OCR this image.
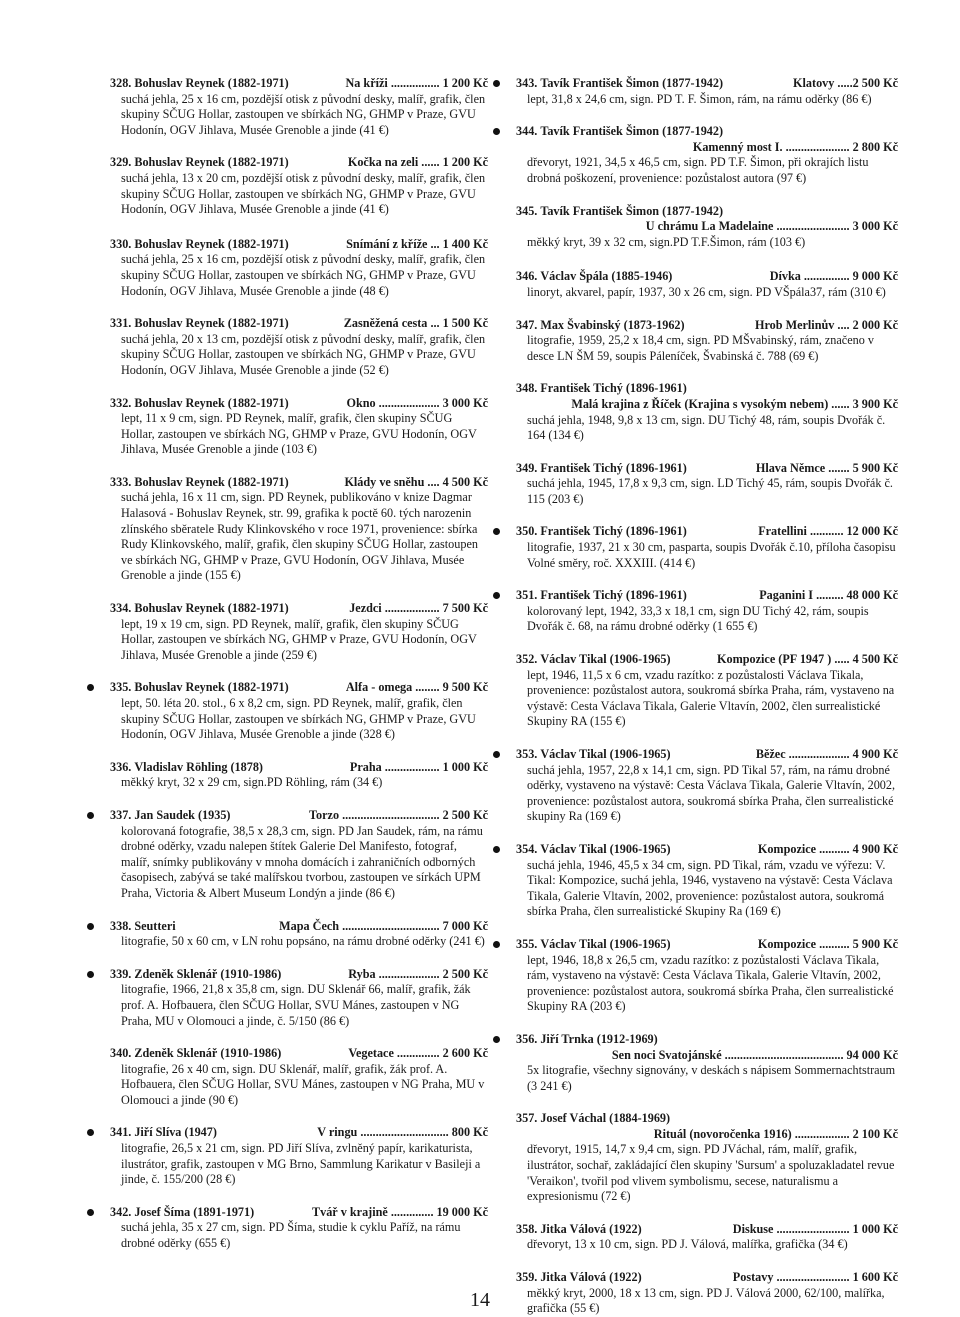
328. Bohuslav Reynek (1882-1971)	Na kříži ................ 1 200 Kč
suchá jehla, 25 x 16 cm, pozdější otisk z původní desky, malíř, grafik, člen skupiny SČUG Hollar, zastoupen ve sbírkách NG, GHMP v Praze, GVU Hodonín, OGV Jihlava, Musée Grenoble a jinde (41 €)
329. Bohuslav Reynek (1882-1971)	Kočka na zeli ...... 1 200 Kč
suchá jehla, 13 x 20 cm, pozdější otisk z původní desky, malíř, grafik, člen skupiny SČUG Hollar, zastoupen ve sbírkách NG, GHMP v Praze, GVU Hodonín, OGV Jihlava, Musée Grenoble a jinde (41 €)
330. Bohuslav Reynek (1882-1971)	Snímání z kříže ... 1 400 Kč
suchá jehla, 25 x 16 cm, pozdější otisk z původní desky, malíř, grafik, člen skupiny SČUG Hollar, zastoupen ve sbírkách NG, GHMP v Praze, GVU Hodonín, OGV Jihlava, Musée Grenoble a jinde (48 €)
331. Bohuslav Reynek (1882-1971)	Zasněžená cesta ... 1 500 Kč
suchá jehla, 20 x 13 cm, pozdější otisk z původní desky, malíř, grafik, člen skupiny SČUG Hollar, zastoupen ve sbírkách NG, GHMP v Praze, GVU Hodonín, OGV Jihlava, Musée Grenoble a jinde (52 €)
332. Bohuslav Reynek (1882-1971)	Okno .................... 3 000 Kč
lept, 11 x 9 cm, sign. PD Reynek, malíř, grafik, člen skupiny SČUG Hollar, zastoupen ve sbírkách NG, GHMP v Praze, GVU Hodonín, OGV Jihlava, Musée Grenoble a jinde (103 €)
333. Bohuslav Reynek (1882-1971)	Klády ve sněhu .... 4 500 Kč
suchá jehla, 16 x 11 cm, sign. PD Reynek, publikováno v knize Dagmar Halasová - Bohuslav Reynek, str. 99, grafika k poctě 60. tých narozenin zlínského sběratele Rudy Klinkovského v roce 1971, provenience: sbírka Rudy Klinkovského, malíř, grafik, člen skupiny SČUG Hollar, zastoupen ve sbírkách NG, GHMP v Praze, GVU Hodonín, OGV Jihlava, Musée Grenoble a jinde (155 €)
334. Bohuslav Reynek (1882-1971)	Jezdci .................. 7 500 Kč
lept, 19 x 19 cm, sign. PD Reynek, malíř, grafik, člen skupiny SČUG Hollar, zastoupen ve sbírkách NG, GHMP v Praze, GVU Hodonín, OGV Jihlava, Musée Grenoble a jinde (259 €)
335. Bohuslav Reynek (1882-1971)	Alfa - omega ........ 9 500 Kč
lept, 50. léta 20. stol., 6 x 8,2 cm, sign. PD Reynek, malíř, grafik, člen skupiny SČUG Hollar, zastoupen ve sbírkách NG, GHMP v Praze, GVU Hodonín, OGV Jihlava, Musée Grenoble a jinde (328 €)
336. Vladislav Röhling (1878)	Praha .................. 1 000 Kč
měkký kryt, 32 x 29 cm, sign.PD Röhling, rám (34 €)
337. Jan Saudek (1935)	Torzo ................................ 2 500 Kč
kolorovaná fotografie, 38,5 x 28,3 cm, sign. PD Jan Saudek, rám, na rámu drobné oděrky, vzadu nalepen štítek Galerie Del Manifesto, fotograf, malíř, snímky publikovány v mnoha domácích i zahraničních odborných časopisech, zabývá se také malířskou tvorbou, zastoupen ve sírkách UPM Praha, Victoria & Albert Museum Londýn a jinde (86 €)
338. Seutteri	Mapa Čech ................................ 7 000 Kč
litografie, 50 x 60 cm, v LN rohu popsáno, na rámu drobné oděrky (241 €)
339. Zdeněk Sklenář (1910-1986)	Ryba .................... 2 500 Kč
litografie, 1966, 21,8 x 35,8 cm, sign. DU Sklenář 66, malíř, grafik, žák prof. A. Hofbauera, člen SČUG Hollar, SVU Mánes, zastoupen v NG Praha, MU v Olomouci a jinde, č. 5/150 (86 €)
340. Zdeněk Sklenář (1910-1986)	Vegetace .............. 2 600 Kč
litografie, 26 x 40 cm, sign. DU Sklenář, malíř, grafik, žák prof. A. Hofbauera, člen SČUG Hollar, SVU Mánes, zastoupen v NG Praha, MU v Olomouci a jinde (90 €)
341. Jiří Slíva (1947)	V ringu ............................. 800 Kč
litografie, 26,5 x 21 cm, sign. PD Jiří Slíva, zvlněný papír, karikaturista, ilustrátor, grafik, zastoupen v MG Brno, Sammlung Karikatur v Basileji a jinde, č. 155/200 (28 €)
342. Josef Šíma (1891-1971)	Tvář v krajině .............. 19 000 Kč
suchá jehla, 35 x 27 cm, sign. PD Šíma, studie k cyklu Paříž, na rámu drobné oděrky (655 €)
343. Tavík František Šimon (1877-1942)	Klatovy .....2 500 Kč
lept, 31,8 x 24,6 cm, sign. PD T. F. Šimon, rám, na rámu oděrky (86 €)
344. Tavík František Šimon (1877-1942)
Kamenný most I. ..................... 2 800 Kč
dřevoryt, 1921, 34,5 x 46,5 cm, sign. PD T.F. Šimon, při okrajích listu drobná poškození, provenience: pozůstalost autora (97 €)
345. Tavík František Šimon (1877-1942)
U chrámu La Madelaine ........................ 3 000 Kč
měkký kryt, 39 x 32 cm, sign.PD T.F.Šimon, rám (103 €)
346. Václav Špála (1885-1946)	Dívka ............... 9 000 Kč
linoryt, akvarel, papír, 1937, 30 x 26 cm, sign. PD VŠpála37, rám (310 €)
347. Max Švabinský (1873-1962)	Hrob Merlinův .... 2 000 Kč
litografie, 1959, 25,2 x 18,4 cm, sign. PD MŠvabinský, rám, značeno v desce LN ŠM 59, soupis Páleníček, Švabinská č. 788 (69 €)
348. František Tichý (1896-1961)
Malá krajina z Říček (Krajina s vysokým nebem) ...... 3 900 Kč
suchá jehla, 1948, 9,8 x 13 cm, sign. DU Tichý 48, rám, soupis Dvořák č. 164 (134 €)
349. František Tichý (1896-1961)	Hlava Němce ....... 5 900 Kč
suchá jehla, 1945, 17,8 x 9,3 cm, sign. LD Tichý 45, rám, soupis Dvořák č. 115 (203 €)
350. František Tichý (1896-1961)	Fratellini ........... 12 000 Kč
litografie, 1937, 21 x 30 cm, pasparta, soupis Dvořák č.10, příloha časopisu Volné směry, roč. XXXIII. (414 €)
351. František Tichý (1896-1961)	Paganini I ......... 48 000 Kč
kolorovaný lept, 1942, 33,3 x 18,1 cm, sign DU Tichý 42, rám, soupis Dvořák č. 68, na rámu drobné oděrky (1 655 €)
352. Václav Tikal (1906-1965)	Kompozice (PF 1947 ) ..... 4 500 Kč
lept, 1946, 11,5 x 6 cm, vzadu razítko: z pozůstalosti Václava Tikala, provenience: pozůstalost autora, soukromá sbírka Praha, rám, vystaveno na výstavě: Cesta Václava Tikala, Galerie Vltavín, 2002, člen surrealistické Skupiny RA (155 €)
353. Václav Tikal (1906-1965)	Běžec .................... 4 900 Kč
suchá jehla, 1957, 22,8 x 14,1 cm, sign. PD Tikal 57, rám, na rámu drobné oděrky, vystaveno na výstavě: Cesta Václava Tikala, Galerie Vltavín, 2002, provenience: pozůstalost autora, soukromá sbírka Praha, člen surrealistické skupiny Ra (169 €)
354. Václav Tikal (1906-1965)	Kompozice .......... 4 900 Kč
suchá jehla, 1946, 45,5 x 34 cm, sign. PD Tikal, rám, vzadu ve výřezu: V. Tikal: Kompozice, suchá jehla, 1946, vystaveno na výstavě: Cesta Václava Tikala, Galerie Vltavín, 2002, provenience: pozůstalost autora, soukromá sbírka Praha, člen surrealistické Skupiny Ra (169 €)
355. Václav Tikal (1906-1965)	Kompozice .......... 5 900 Kč
lept, 1946, 18,8 x 26,5 cm, vzadu razítko: z pozůstalosti Václava Tikala, rám, vystaveno na výstavě: Cesta Václava Tikala, Galerie Vltavín, 2002, provenience: pozůstalost autora, soukromá sbírka Praha, člen surrealistické Skupiny RA (203 €)
356. Jiří Trnka (1912-1969)
Sen noci Svatojánské ....................................... 94 000 Kč
5x litografie, všechny signovány, v deskách s nápisem Sommernachtstraum (3 241 €)
357. Josef Váchal (1884-1969)
Rituál (novoročenka 1916) .................. 2 100 Kč
dřevoryt, 1915, 14,7 x 9,4 cm, sign. PD JVáchal, rám, malíř, grafik, ilustrátor, sochař, zakládající člen skupiny 'Sursum' a spoluzakladatel revue 'Veraikon', tvořil pod vlivem symbolismu, secese, naturalismu a expresionismu (72 €)
358. Jitka Válová (1922)	Diskuse ........................ 1 000 Kč
dřevoryt, 13 x 10 cm, sign. PD J. Válová, malířka, grafička (34 €)
359. Jitka Válová (1922)	Postavy ........................ 1 600 Kč
měkký kryt, 2000, 18 x 13 cm, sign. PD J. Válová 2000, 62/100, malířka, grafička (55 €)
14
